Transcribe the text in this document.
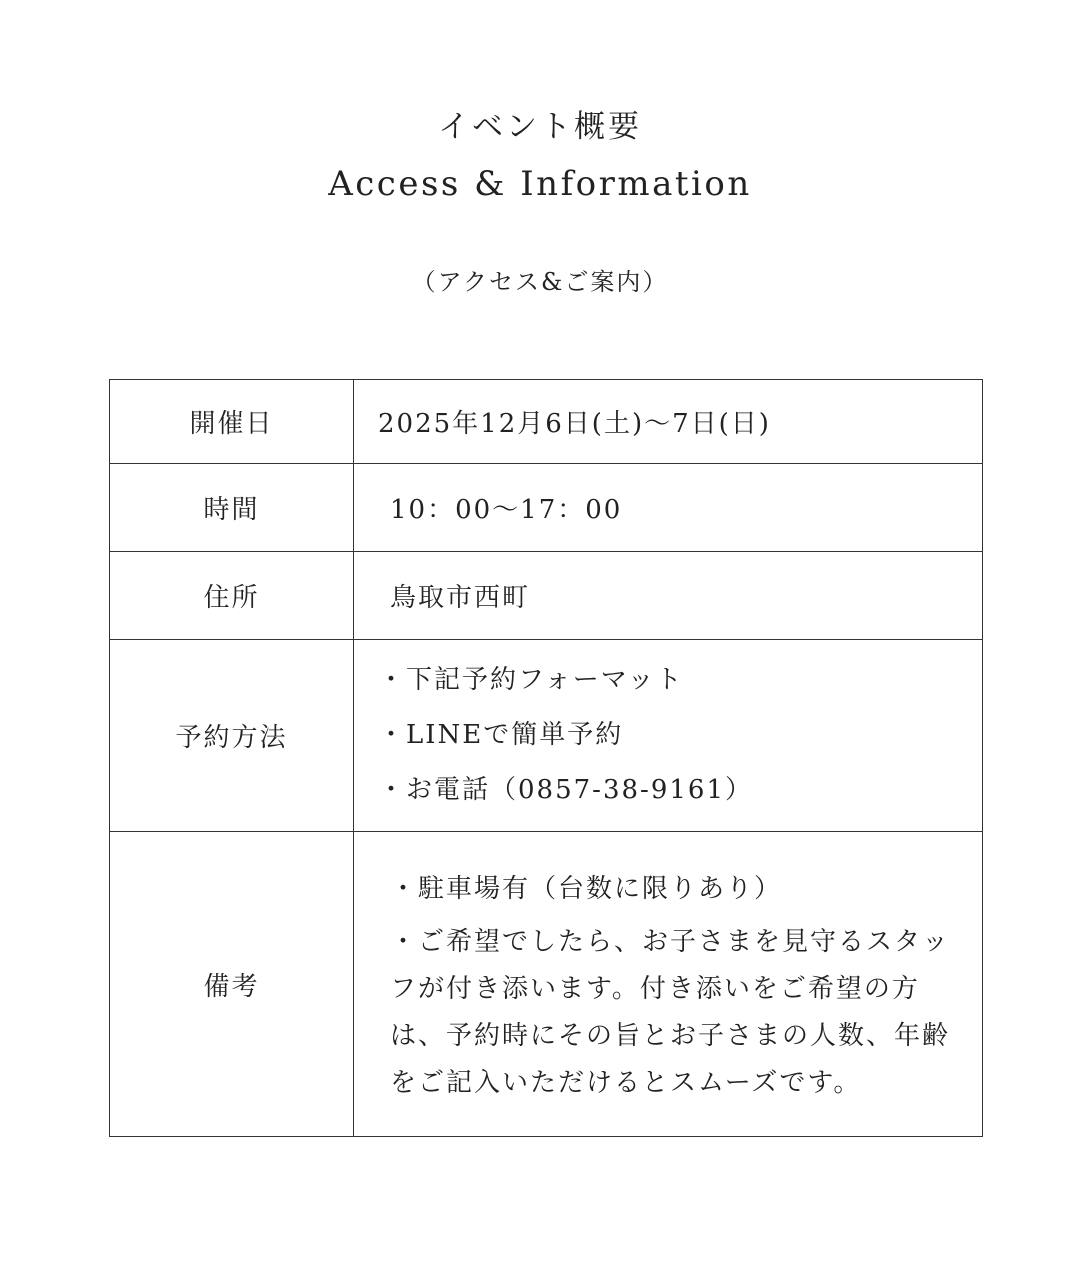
イベント概要
Access & Information
（アクセス&ご案内）
開催日	2025年12月6日(土)〜7日(日)

時間	10：00〜17：00

住所	鳥取市西町

予約方法	・下記予約フォーマット
・LINEで簡単予約
・お電話（0857-38-9161）

備考	・駐車場有（台数に限りあり）
・ご希望でしたら、お子さまを見守るスタッフが付き添います。付き添いをご希望の方は、予約時にその旨とお子さまの人数、年齢をご記入いただけるとスムーズです。
